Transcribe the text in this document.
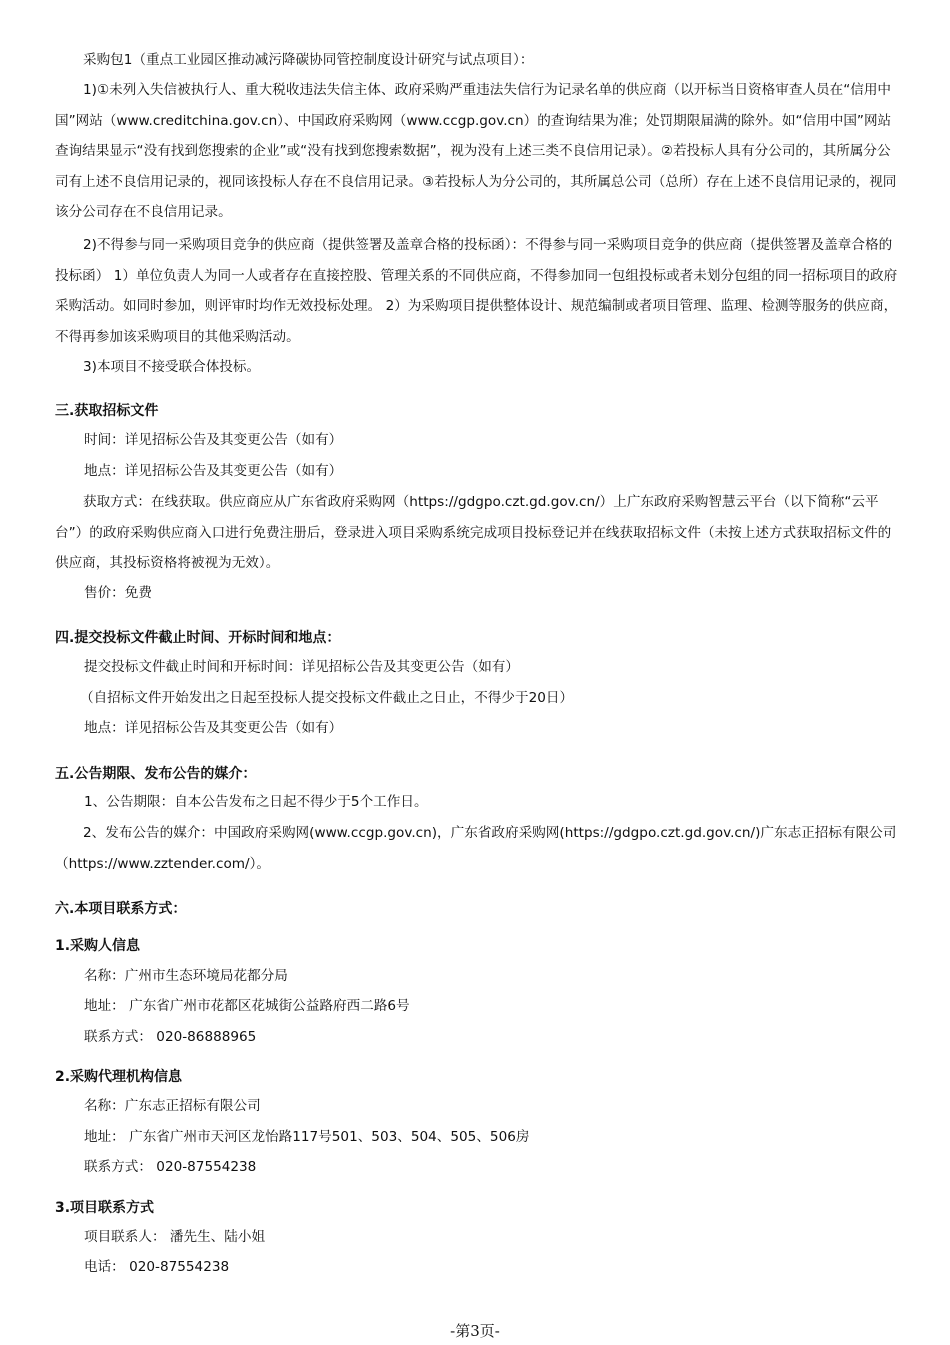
采购包1（重点工业园区推动减污降碳协同管控制度设计研究与试点项目）：

1)①未列入失信被执行人、重大税收违法失信主体、政府采购严重违法失信行为记录名单的供应商（以开标当日资格审查人员在“信用中国”网站（www.creditchina.gov.cn）、中国政府采购网（www.ccgp.gov.cn）的查询结果为准；处罚期限届满的除外。如“信用中国”网站查询结果显示“没有找到您搜索的企业”或“没有找到您搜索数据”，视为没有上述三类不良信用记录）。②若投标人具有分公司的，其所属分公司有上述不良信用记录的，视同该投标人存在不良信用记录。③若投标人为分公司的，其所属总公司（总所）存在上述不良信用记录的，视同该分公司存在不良信用记录。

2)不得参与同一采购项目竞争的供应商（提供签署及盖章合格的投标函）：不得参与同一采购项目竞争的供应商（提供签署及盖章合格的投标函） 1）单位负责人为同一人或者存在直接控股、管理关系的不同供应商，不得参加同一包组投标或者未划分包组的同一招标项目的政府采购活动。如同时参加，则评审时均作无效投标处理。 2）为采购项目提供整体设计、规范编制或者项目管理、监理、检测等服务的供应商，不得再参加该采购项目的其他采购活动。

3)本项目不接受联合体投标。

三.获取招标文件

时间：详见招标公告及其变更公告（如有）

地点：详见招标公告及其变更公告（如有）

获取方式：在线获取。供应商应从广东省政府采购网（https://gdgpo.czt.gd.gov.cn/）上广东政府采购智慧云平台（以下简称“云平台”）的政府采购供应商入口进行免费注册后，登录进入项目采购系统完成项目投标登记并在线获取招标文件（未按上述方式获取招标文件的供应商，其投标资格将被视为无效）。

售价：免费

四.提交投标文件截止时间、开标时间和地点：

提交投标文件截止时间和开标时间：详见招标公告及其变更公告（如有）

（自招标文件开始发出之日起至投标人提交投标文件截止之日止，不得少于20日）

地点：详见招标公告及其变更公告（如有）

五.公告期限、发布公告的媒介：

1、公告期限：自本公告发布之日起不得少于5个工作日。

2、发布公告的媒介：中国政府采购网(www.ccgp.gov.cn)，广东省政府采购网(https://gdgpo.czt.gd.gov.cn/)广东志正招标有限公司（https://www.zztender.com/）。

六.本项目联系方式：

1.采购人信息

名称：广州市生态环境局花都分局

地址： 广东省广州市花都区花城街公益路府西二路6号

联系方式： 020-86888965

2.采购代理机构信息

名称：广东志正招标有限公司

地址： 广东省广州市天河区龙怡路117号501、503、504、505、506房

联系方式： 020-87554238

3.项目联系方式

项目联系人： 潘先生、陆小姐

电话： 020-87554238

-第3页-
